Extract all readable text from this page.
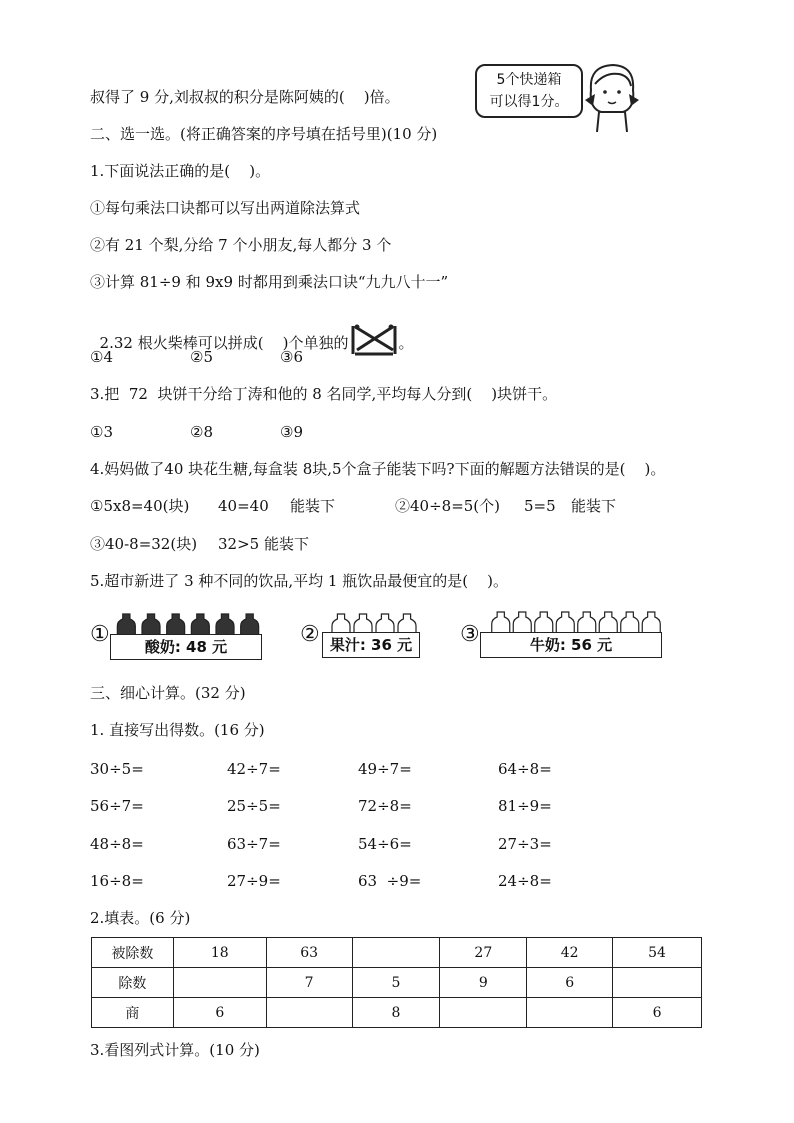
叔得了 9 分,刘叔叔的积分是陈阿姨的(    )倍。
5个快递箱
可以得1分。
二、选一选。(将正确答案的序号填在括号里)(10 分)
1.下面说法正确的是(    )。
①每句乘法口诀都可以写出两道除法算式
②有 21 个梨,分给 7 个小朋友,每人都分 3 个
③计算 81÷9 和 9x9 时都用到乘法口诀“九九八十一”

2.32 根火柴棒可以拼成(    )个单独的	。

①4	②5	③6
3.把  72  块饼干分给丁涛和他的 8 名同学,平均每人分到(    )块饼干。
①3	②8	③9
4.妈妈做了40 块花生糖,每盒装 8块,5个盒子能装下吗?下面的解题方法错误的是(    )。
①5x8=40(块) 40=40 能装下	②40÷8=5(个) 5=5 能装下
③40-8=32(块) 32>5 能装下
5.超市新进了 3 种不同的饮品,平均 1 瓶饮品最便宜的是(    )。
①	酸奶: 48 元	② 果汁: 36 元	③	牛奶: 56 元
三、细心计算。(32 分)
1. 直接写出得数。(16 分)
30÷5=	42÷7=	49÷7=	64÷8=
56÷7=	25÷5=	72÷8=	81÷9=
48÷8=	63÷7=	54÷6=	27÷3=
16÷8=	27÷9=	63  ÷9=	24÷8=
2.填表。(6 分)
被除数	18	63		27	42	54
除数		7	5	9	6	
商	6		8			6
3.看图列式计算。(10 分)
